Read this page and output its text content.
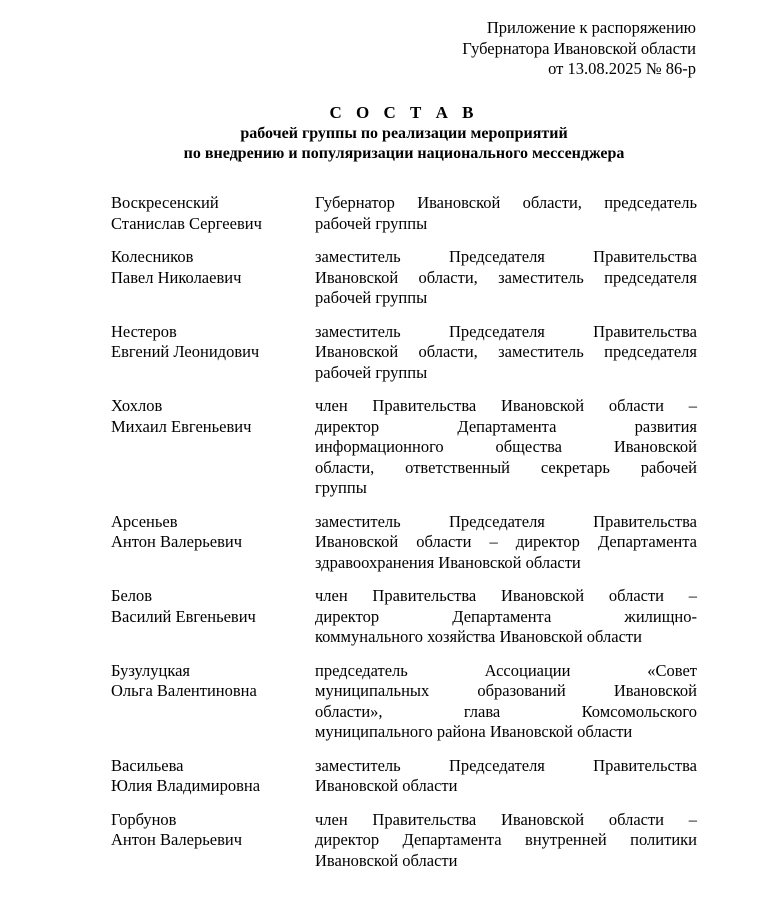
Приложение к распоряжению
Губернатора Ивановской области
от 13.08.2025 № 86-р
С О С Т А В
рабочей группы по реализации мероприятий
по внедрению и популяризации национального мессенджера
Воскресенский
Станислав Сергеевич
Губернатор Ивановской области, председатель
рабочей группы
Колесников
Павел Николаевич
заместитель Председателя Правительства
Ивановской области, заместитель председателя
рабочей группы
Нестеров
Евгений Леонидович
заместитель Председателя Правительства
Ивановской области, заместитель председателя
рабочей группы
Хохлов
Михаил Евгеньевич
член Правительства Ивановской области –
директор Департамента развития
информационного общества Ивановской
области, ответственный секретарь рабочей
группы
Арсеньев
Антон Валерьевич
заместитель Председателя Правительства
Ивановской области – директор Департамента
здравоохранения Ивановской области
Белов
Василий Евгеньевич
член Правительства Ивановской области –
директор Департамента жилищно-
коммунального хозяйства Ивановской области
Бузулуцкая
Ольга Валентиновна
председатель Ассоциации «Совет
муниципальных образований Ивановской
области», глава Комсомольского
муниципального района Ивановской области
Васильева
Юлия Владимировна
заместитель Председателя Правительства
Ивановской области
Горбунов
Антон Валерьевич
член Правительства Ивановской области –
директор Департамента внутренней политики
Ивановской области
